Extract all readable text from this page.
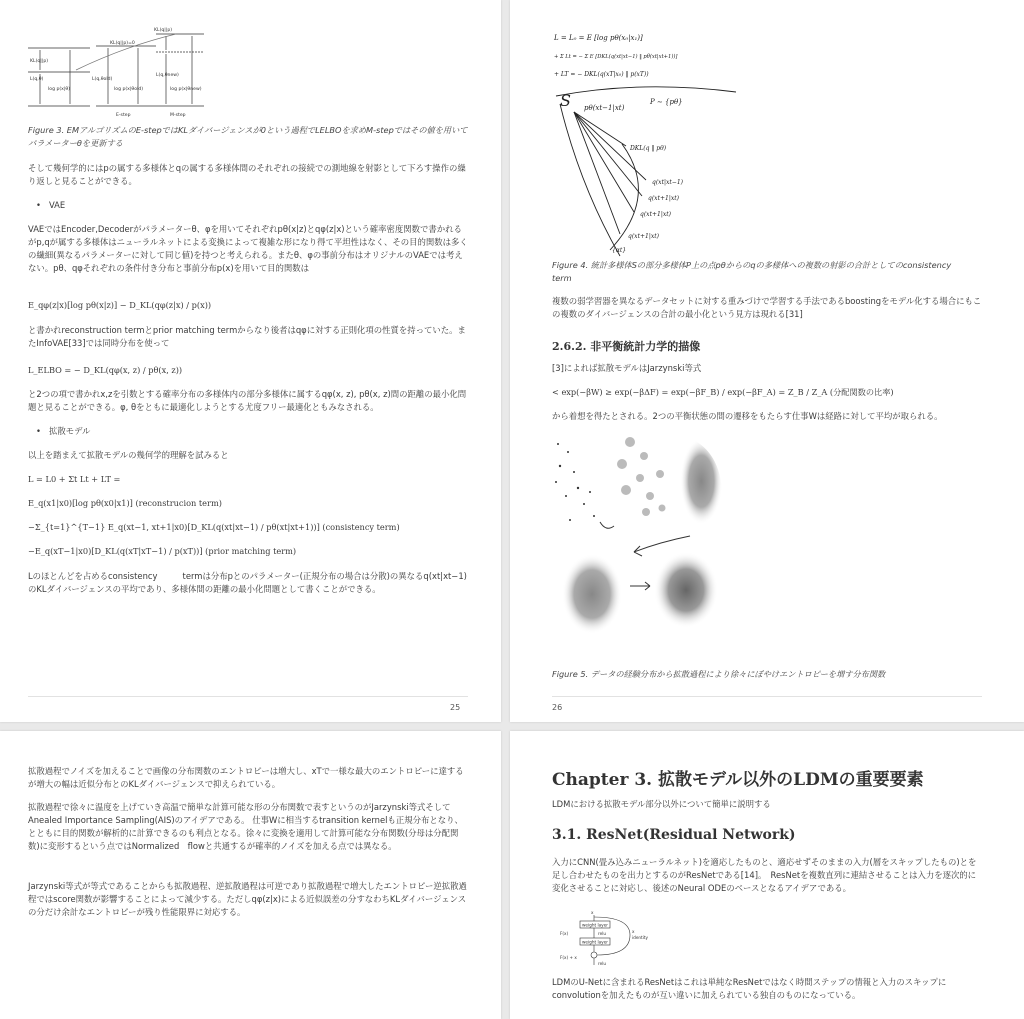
KL(q||p)
KL(q||p)=0
KL(q||p)
L(q,θ)	L(q,θold)
L(q,θnew)
log p(x|θ)	log p(x|θold)	log p(x|θnew)
E-step	M-step
Figure 3. EMアルゴリズムのE-stepではKLダイバージェンスが0という過程でLELBOを求めM-stepではその値を用いてパラメーターθを更新する
そして幾何学的にはpの属する多様体とqの属する多様体間のそれぞれの接続での測地線を射影として下ろす操作の繰り返しと見ることができる。
• VAE
VAEではEncoder,Decoderがパラメーターθ、φを用いてそれぞれpθ(x|z)とqφ(z|x)という確率密度関数で書かれるがp,qが属する多様体はニューラルネットによる変換によって複雑な形になり得て平坦性はなく、その目的関数は多くの繊細(異なるパラメーターに対して同じ値)を持つと考えられる。またθ、φの事前分布はオリジナルのVAEでは考えない。pθ、qφそれぞれの条件付き分布と事前分布p(x)を用いて目的関数は
E_qφ(z|x)[log pθ(x|z)] − D_KL(qφ(z|x) / p(x))
と書かれreconstruction termとprior matching termからなり後者はqφに対する正則化項の性質を持っていた。またInfoVAE[33]では同時分布を使って
L_ELBO = − D_KL(qφ(x, z) / pθ(x, z))
と2つの項で書かれx,zを引数とする確率分布の多様体内の部分多様体に属するqφ(x, z), pθ(x, z)間の距離の最小化問題と見ることができる。φ, θをともに最適化しようとする尤度フリー最適化ともみなされる。
• 拡散モデル
以上を踏まえて拡散モデルの幾何学的理解を試みると
L = L0 + Σt Lt + LT =
E_q(x1|x0)[log pθ(x0|x1)] (reconstrucion term)
−Σ_{t=1}^{T−1} E_q(xt−1, xt+1|x0)[D_KL(q(xt|xt−1) / pθ(xt|xt+1))] (consistency term)
−E_q(xT−1|x0)[D_KL(q(xT|xT−1) / p(xT))] (prior matching term)
Lのほとんどを占めるconsistency　　　termは分布pとのパラメーター(正規分布の場合は分散)の異なるq(xt|xt−1)のKLダイバージェンスの平均であり、多様体間の距離の最小化問題として書くことができる。
25
L = L₀ = E [log pθ(x₀|x₁)]
+ Σ Lt = − Σ E [DKL(q(xt|xt−1) ‖ pθ(xt|xt+1))]
+ LT = − DKL(q(xT|x₀) ‖ p(xT))
S pθ(xt−1|xt)
P ∼ {pθ}
DKL(q ‖ pθ)
q(xt|xt−1)
q(xt+1|xt)
q(xt+1|xt)
q(xt+1|xt)
{αt}
Figure 4. 統計多様体Sの部分多様体P上の点pθからのqの多様体への複数の射影の合計としてのconsistency term
複数の弱学習器を異なるデータセットに対する重みづけで学習する手法であるboostingをモデル化する場合にもこの複数のダイバージェンスの合計の最小化という見方は現れる[31]
2.6.2. 非平衡統計力学的描像
[3]によれば拡散モデルはJarzynski等式
< exp(−βW) ≥ exp(−βΔF) = exp(−βF_B) / exp(−βF_A) = Z_B / Z_A (分配関数の比率)
から着想を得たとされる。2つの平衡状態の間の遷移をもたらす仕事Wは経路に対して平均が取られる。
Figure 5. データの経験分布から拡散過程により徐々にぼやけエントロピーを増す分布関数
26
拡散過程でノイズを加えることで画像の分布関数のエントロピーは増大し、xTで一様な最大のエントロピーに達するが増大の幅は近似分布とのKLダイバージェンスで抑えられている。
拡散過程で徐々に温度を上げていき高温で簡単な計算可能な形の分布関数で表すというのがJarzynski等式そしてAnealed Importance Sampling(AIS)のアイデアである。 仕事Wに相当するtransition kernelも正規分布となり、とともに目的関数が解析的に計算できるのも利点となる。徐々に変換を適用して計算可能な分布関数(分母は分配関数)に変形するという点ではNormalized　flowと共通するが確率的ノイズを加える点では異なる。
Jarzynski等式が等式であることからも拡散過程、逆拡散過程は可逆であり拡散過程で増大したエントロピー逆拡散過程ではscore関数が影響することによって減少する。ただしqφ(z|x)による近似誤差の分すなわちKLダイバージェンスの分だけ余計なエントロピーが残り性能限界に対応する。
Chapter 3. 拡散モデル以外のLDMの重要要素
LDMにおける拡散モデル部分以外について簡単に説明する
3.1. ResNet(Residual Network)
入力にCNN(畳み込みニューラルネット)を適応したものと、適応せずそのままの入力(層をスキップしたもの)とを足し合わせたものを出力とするのがResNetである[14]。　ResNetを複数直列に連結させることは入力を逐次的に変化させることに対応し、後述のNeural ODEのベースとなるアイデアである。
x
weight layer
relu
weight layer
F(x)
F(x) + x
x
identity
relu
LDMのU-Netに含まれるResNetはこれは単純なResNetではなく時間ステップの情報と入力のスキップにconvolutionを加えたものが互い違いに加えられている独自のものになっている。
